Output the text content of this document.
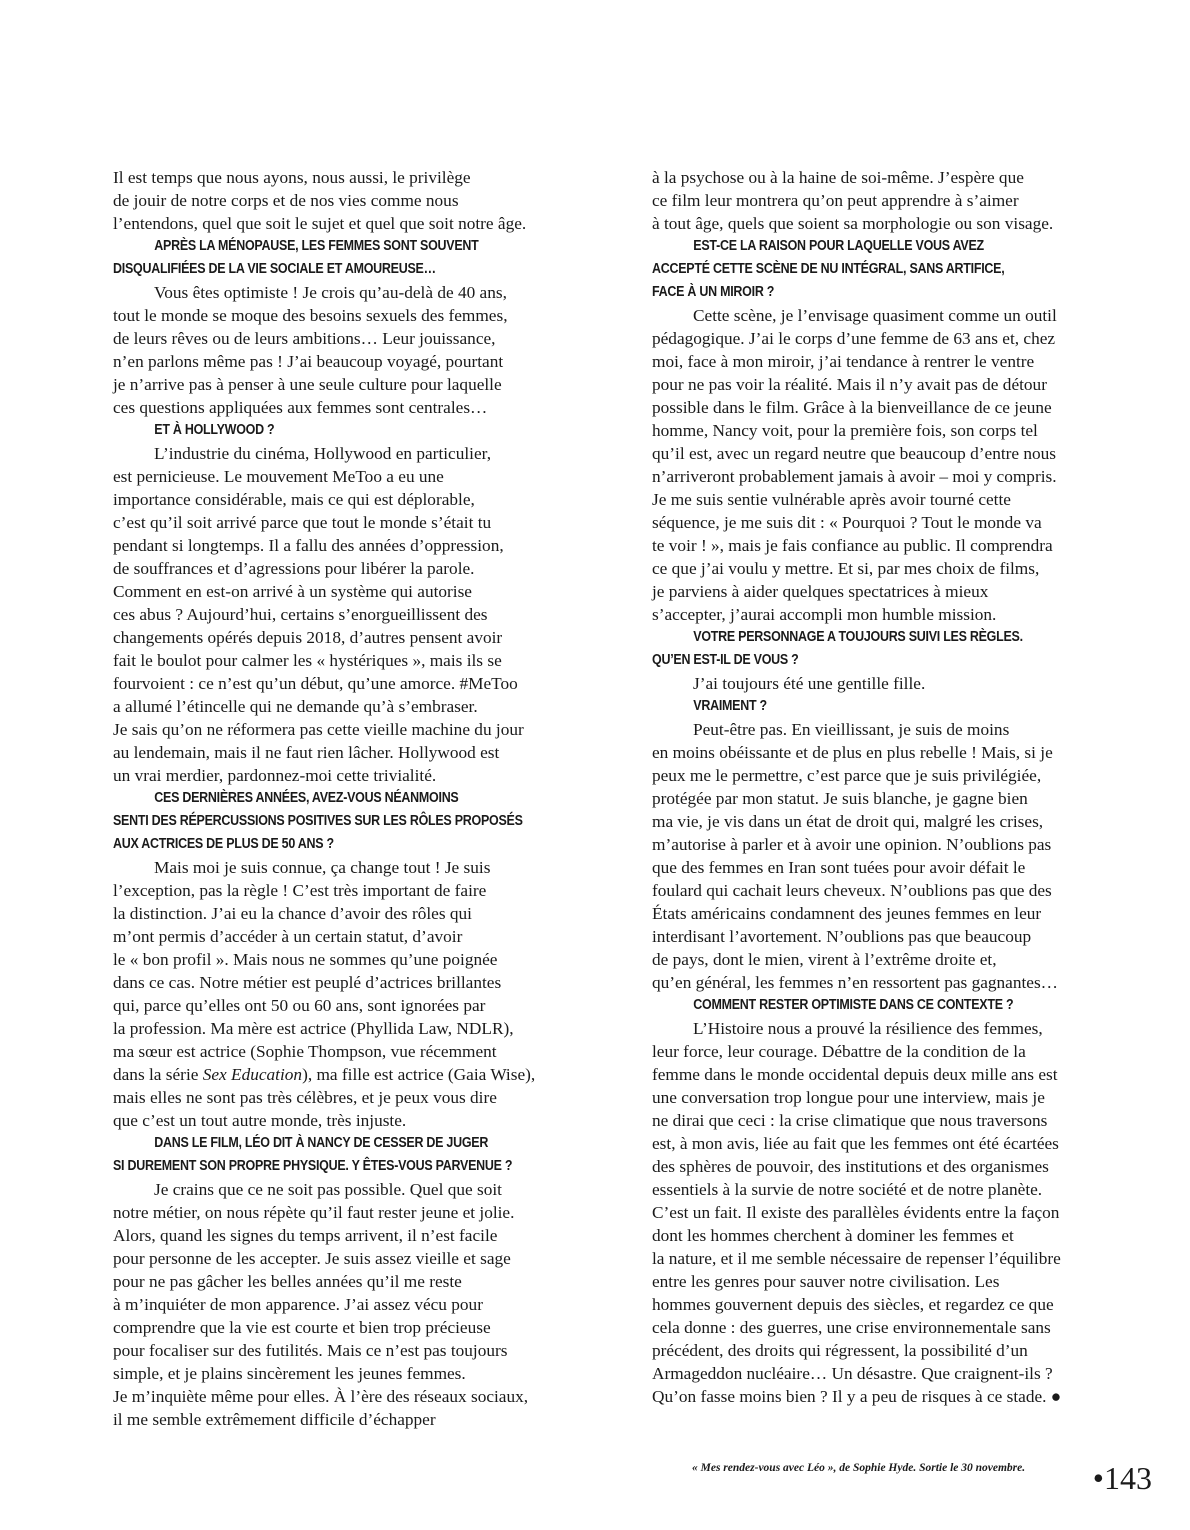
Il est temps que nous ayons, nous aussi, le privilège
de jouir de notre corps et de nos vies comme nous
l’entendons, quel que soit le sujet et quel que soit notre âge.
APRÈS LA MÉNOPAUSE, LES FEMMES SONT SOUVENT
DISQUALIFIÉES DE LA VIE SOCIALE ET AMOUREUSE…
Vous êtes optimiste ! Je crois qu’au-delà de 40 ans,
tout le monde se moque des besoins sexuels des femmes,
de leurs rêves ou de leurs ambitions… Leur jouissance,
n’en parlons même pas ! J’ai beaucoup voyagé, pourtant
je n’arrive pas à penser à une seule culture pour laquelle
ces questions appliquées aux femmes sont centrales…
ET À HOLLYWOOD ?
L’industrie du cinéma, Hollywood en particulier,
est pernicieuse. Le mouvement MeToo a eu une
importance considérable, mais ce qui est déplorable,
c’est qu’il soit arrivé parce que tout le monde s’était tu
pendant si longtemps. Il a fallu des années d’oppression,
de souffrances et d’agressions pour libérer la parole.
Comment en est-on arrivé à un système qui autorise
ces abus ? Aujourd’hui, certains s’enorgueillissent des
changements opérés depuis 2018, d’autres pensent avoir
fait le boulot pour calmer les « hystériques », mais ils se
fourvoient : ce n’est qu’un début, qu’une amorce. #MeToo
a allumé l’étincelle qui ne demande qu’à s’embraser.
Je sais qu’on ne réformera pas cette vieille machine du jour
au lendemain, mais il ne faut rien lâcher. Hollywood est
un vrai merdier, pardonnez-moi cette trivialité.
CES DERNIÈRES ANNÉES, AVEZ-VOUS NÉANMOINS
SENTI DES RÉPERCUSSIONS POSITIVES SUR LES RÔLES PROPOSÉS
AUX ACTRICES DE PLUS DE 50 ANS ?
Mais moi je suis connue, ça change tout ! Je suis
l’exception, pas la règle ! C’est très important de faire
la distinction. J’ai eu la chance d’avoir des rôles qui
m’ont permis d’accéder à un certain statut, d’avoir
le « bon profil ». Mais nous ne sommes qu’une poignée
dans ce cas. Notre métier est peuplé d’actrices brillantes
qui, parce qu’elles ont 50 ou 60 ans, sont ignorées par
la profession. Ma mère est actrice (Phyllida Law, NDLR),
ma sœur est actrice (Sophie Thompson, vue récemment
dans la série Sex Education), ma fille est actrice (Gaia Wise),
mais elles ne sont pas très célèbres, et je peux vous dire
que c’est un tout autre monde, très injuste.
DANS LE FILM, LÉO DIT À NANCY DE CESSER DE JUGER
SI DUREMENT SON PROPRE PHYSIQUE. Y ÊTES-VOUS PARVENUE ?
Je crains que ce ne soit pas possible. Quel que soit
notre métier, on nous répète qu’il faut rester jeune et jolie.
Alors, quand les signes du temps arrivent, il n’est facile
pour personne de les accepter. Je suis assez vieille et sage
pour ne pas gâcher les belles années qu’il me reste
à m’inquiéter de mon apparence. J’ai assez vécu pour
comprendre que la vie est courte et bien trop précieuse
pour focaliser sur des futilités. Mais ce n’est pas toujours
simple, et je plains sincèrement les jeunes femmes.
Je m’inquiète même pour elles. À l’ère des réseaux sociaux,
il me semble extrêmement difficile d’échapper
à la psychose ou à la haine de soi-même. J’espère que
ce film leur montrera qu’on peut apprendre à s’aimer
à tout âge, quels que soient sa morphologie ou son visage.
EST-CE LA RAISON POUR LAQUELLE VOUS AVEZ
ACCEPTÉ CETTE SCÈNE DE NU INTÉGRAL, SANS ARTIFICE,
FACE À UN MIROIR ?
Cette scène, je l’envisage quasiment comme un outil
pédagogique. J’ai le corps d’une femme de 63 ans et, chez
moi, face à mon miroir, j’ai tendance à rentrer le ventre
pour ne pas voir la réalité. Mais il n’y avait pas de détour
possible dans le film. Grâce à la bienveillance de ce jeune
homme, Nancy voit, pour la première fois, son corps tel
qu’il est, avec un regard neutre que beaucoup d’entre nous
n’arriveront probablement jamais à avoir – moi y compris.
Je me suis sentie vulnérable après avoir tourné cette
séquence, je me suis dit : « Pourquoi ? Tout le monde va
te voir ! », mais je fais confiance au public. Il comprendra
ce que j’ai voulu y mettre. Et si, par mes choix de films,
je parviens à aider quelques spectatrices à mieux
s’accepter, j’aurai accompli mon humble mission.
VOTRE PERSONNAGE A TOUJOURS SUIVI LES RÈGLES.
QU’EN EST-IL DE VOUS ?
J’ai toujours été une gentille fille.
VRAIMENT ?
Peut-être pas. En vieillissant, je suis de moins
en moins obéissante et de plus en plus rebelle ! Mais, si je
peux me le permettre, c’est parce que je suis privilégiée,
protégée par mon statut. Je suis blanche, je gagne bien
ma vie, je vis dans un état de droit qui, malgré les crises,
m’autorise à parler et à avoir une opinion. N’oublions pas
que des femmes en Iran sont tuées pour avoir défait le
foulard qui cachait leurs cheveux. N’oublions pas que des
États américains condamnent des jeunes femmes en leur
interdisant l’avortement. N’oublions pas que beaucoup
de pays, dont le mien, virent à l’extrême droite et,
qu’en général, les femmes n’en ressortent pas gagnantes…
COMMENT RESTER OPTIMISTE DANS CE CONTEXTE ?
L’Histoire nous a prouvé la résilience des femmes,
leur force, leur courage. Débattre de la condition de la
femme dans le monde occidental depuis deux mille ans est
une conversation trop longue pour une interview, mais je
ne dirai que ceci : la crise climatique que nous traversons
est, à mon avis, liée au fait que les femmes ont été écartées
des sphères de pouvoir, des institutions et des organismes
essentiels à la survie de notre société et de notre planète.
C’est un fait. Il existe des parallèles évidents entre la façon
dont les hommes cherchent à dominer les femmes et
la nature, et il me semble nécessaire de repenser l’équilibre
entre les genres pour sauver notre civilisation. Les
hommes gouvernent depuis des siècles, et regardez ce que
cela donne : des guerres, une crise environnementale sans
précédent, des droits qui régressent, la possibilité d’un
Armageddon nucléaire… Un désastre. Que craignent-ils ?
Qu’on fasse moins bien ? Il y a peu de risques à ce stade. ●
« Mes rendez-vous avec Léo », de Sophie Hyde. Sortie le 30 novembre. •143
